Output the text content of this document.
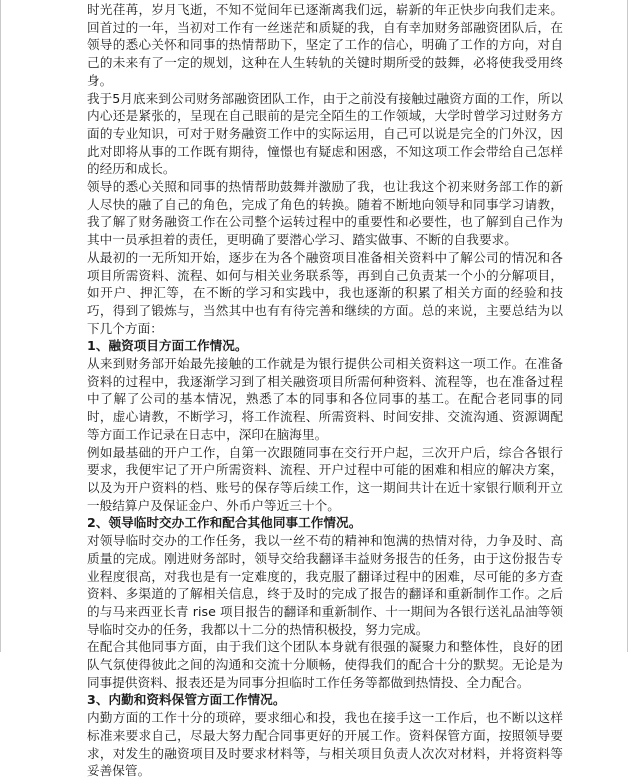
时光荏苒，岁月飞逝，不知不觉间年已逐渐离我们远，崭新的年正快步向我们走来。回首过的一年，当初对工作有一丝迷茫和质疑的我，自有幸加财务部融资团队后，在领导的悉心关怀和同事的热情帮助下，坚定了工作的信心，明确了工作的方向，对自己的未来有了一定的规划，这种在人生转轨的关键时期所受的鼓舞，必将使我受用终身。

我于5月底来到公司财务部融资团队工作，由于之前没有接触过融资方面的工作，所以内心还是紧张的，呈现在自己眼前的是完全陌生的工作领域，大学时曾学习过财务方面的专业知识，可对于财务融资工作中的实际运用，自己可以说是完全的门外汉，因此对即将从事的工作既有期待，憧憬也有疑虑和困惑，不知这项工作会带给自己怎样的经历和成长。

领导的悉心关照和同事的热情帮助鼓舞并激励了我，也让我这个初来财务部工作的新人尽快的融了自己的角色，完成了角色的转换。随着不断地向领导和同事学习请教，我了解了财务融资工作在公司整个运转过程中的重要性和必要性，也了解到自己作为其中一员承担着的责任，更明确了要潜心学习、踏实做事、不断的自我要求。

从最初的一无所知开始，逐步在为各个融资项目准备相关资料中了解公司的情况和各项目所需资料、流程、如何与相关业务联系等，再到自己负责某一个小的分解项目，如开户、押汇等，在不断的学习和实践中，我也逐渐的积累了相关方面的经验和技巧，得到了锻炼与，当然其中也有有待完善和继续的方面。总的来说，主要总结为以下几个方面：

1、融资项目方面工作情况。

从来到财务部开始最先接触的工作就是为银行提供公司相关资料这一项工作。在准备资料的过程中，我逐渐学习到了相关融资项目所需何种资料、流程等，也在准备过程中了解了公司的基本情况，熟悉了本的同事和各位同事的基工。在配合老同事的同时，虚心请教，不断学习，将工作流程、所需资料、时间安排、交流沟通、资源调配等方面工作记录在日志中，深印在脑海里。

例如最基础的开户工作，自第一次跟随同事在交行开户起，三次开户后，综合各银行要求，我便牢记了开户所需资料、流程、开户过程中可能的困难和相应的解决方案，以及为开户资料的档、账号的保存等后续工作，这一期间共计在近十家银行顺利开立一般结算户及保证金户、外币户等近三十个。

2、领导临时交办工作和配合其他同事工作情况。

对领导临时交办的工作任务，我以一丝不苟的精神和饱满的热情对待，力争及时、高质量的完成。刚进财务部时，领导交给我翻译丰益财务报告的任务，由于这份报告专业程度很高，对我也是有一定难度的，我克服了翻译过程中的困难，尽可能的多方查资料、多渠道的了解相关信息，终于及时的完成了报告的翻译和重新制作工作。之后的与马来西亚长青 rise 项目报告的翻译和重新制作、十一期间为各银行送礼品油等领导临时交办的任务，我都以十二分的热情积极投，努力完成。

在配合其他同事方面，由于我们这个团队本身就有很强的凝聚力和整体性，良好的团队气氛使得彼此之间的沟通和交流十分顺畅，使得我们的配合十分的默契。无论是为同事提供资料、报表还是为同事分担临时工作任务等都做到热情投、全力配合。

3、内勤和资料保管方面工作情况。

内勤方面的工作十分的琐碎，要求细心和投，我也在接手这一工作后，也不断以这样标准来要求自己，尽最大努力配合同事更好的开展工作。资料保管方面，按照领导要求，对发生的融资项目及时要求材料等，与相关项目负责人次次对材料，并将资料等妥善保管。
